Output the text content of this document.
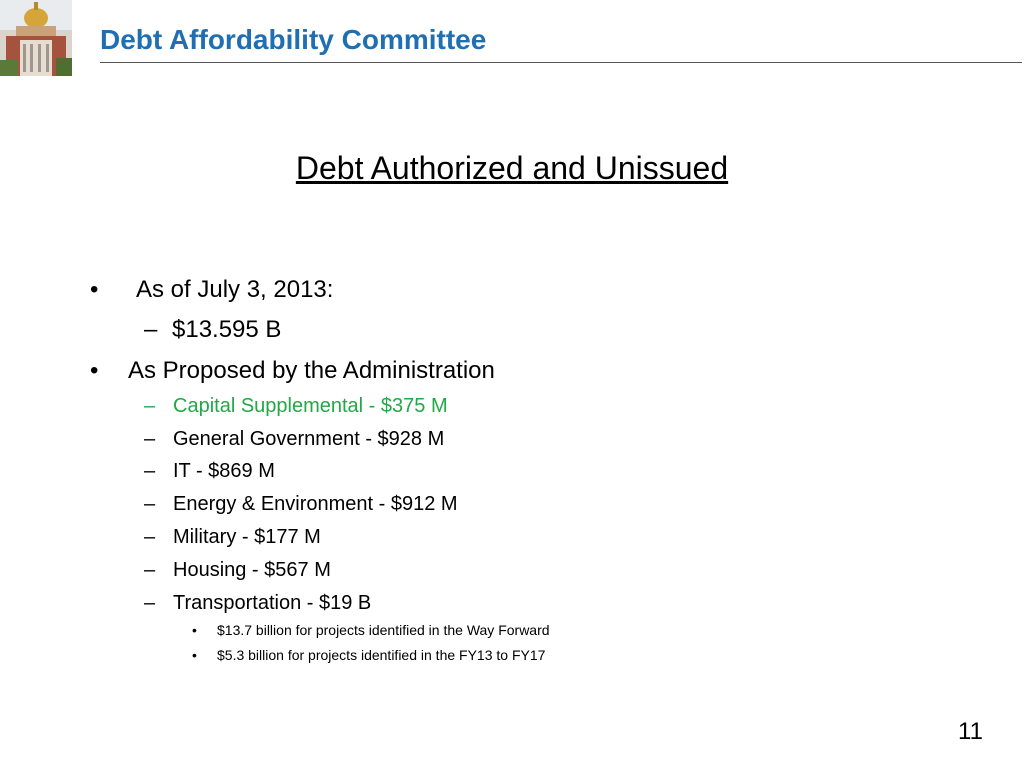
Debt Affordability Committee
Debt Authorized and Unissued
• As of July 3, 2013:
– $13.595 B
• As Proposed by the Administration
– Capital Supplemental - $375 M
– General Government - $928 M
– IT - $869 M
– Energy & Environment - $912 M
– Military - $177 M
– Housing - $567 M
– Transportation - $19 B
• $13.7 billion for projects identified in the Way Forward
• $5.3 billion for projects identified in the FY13 to FY17
11
